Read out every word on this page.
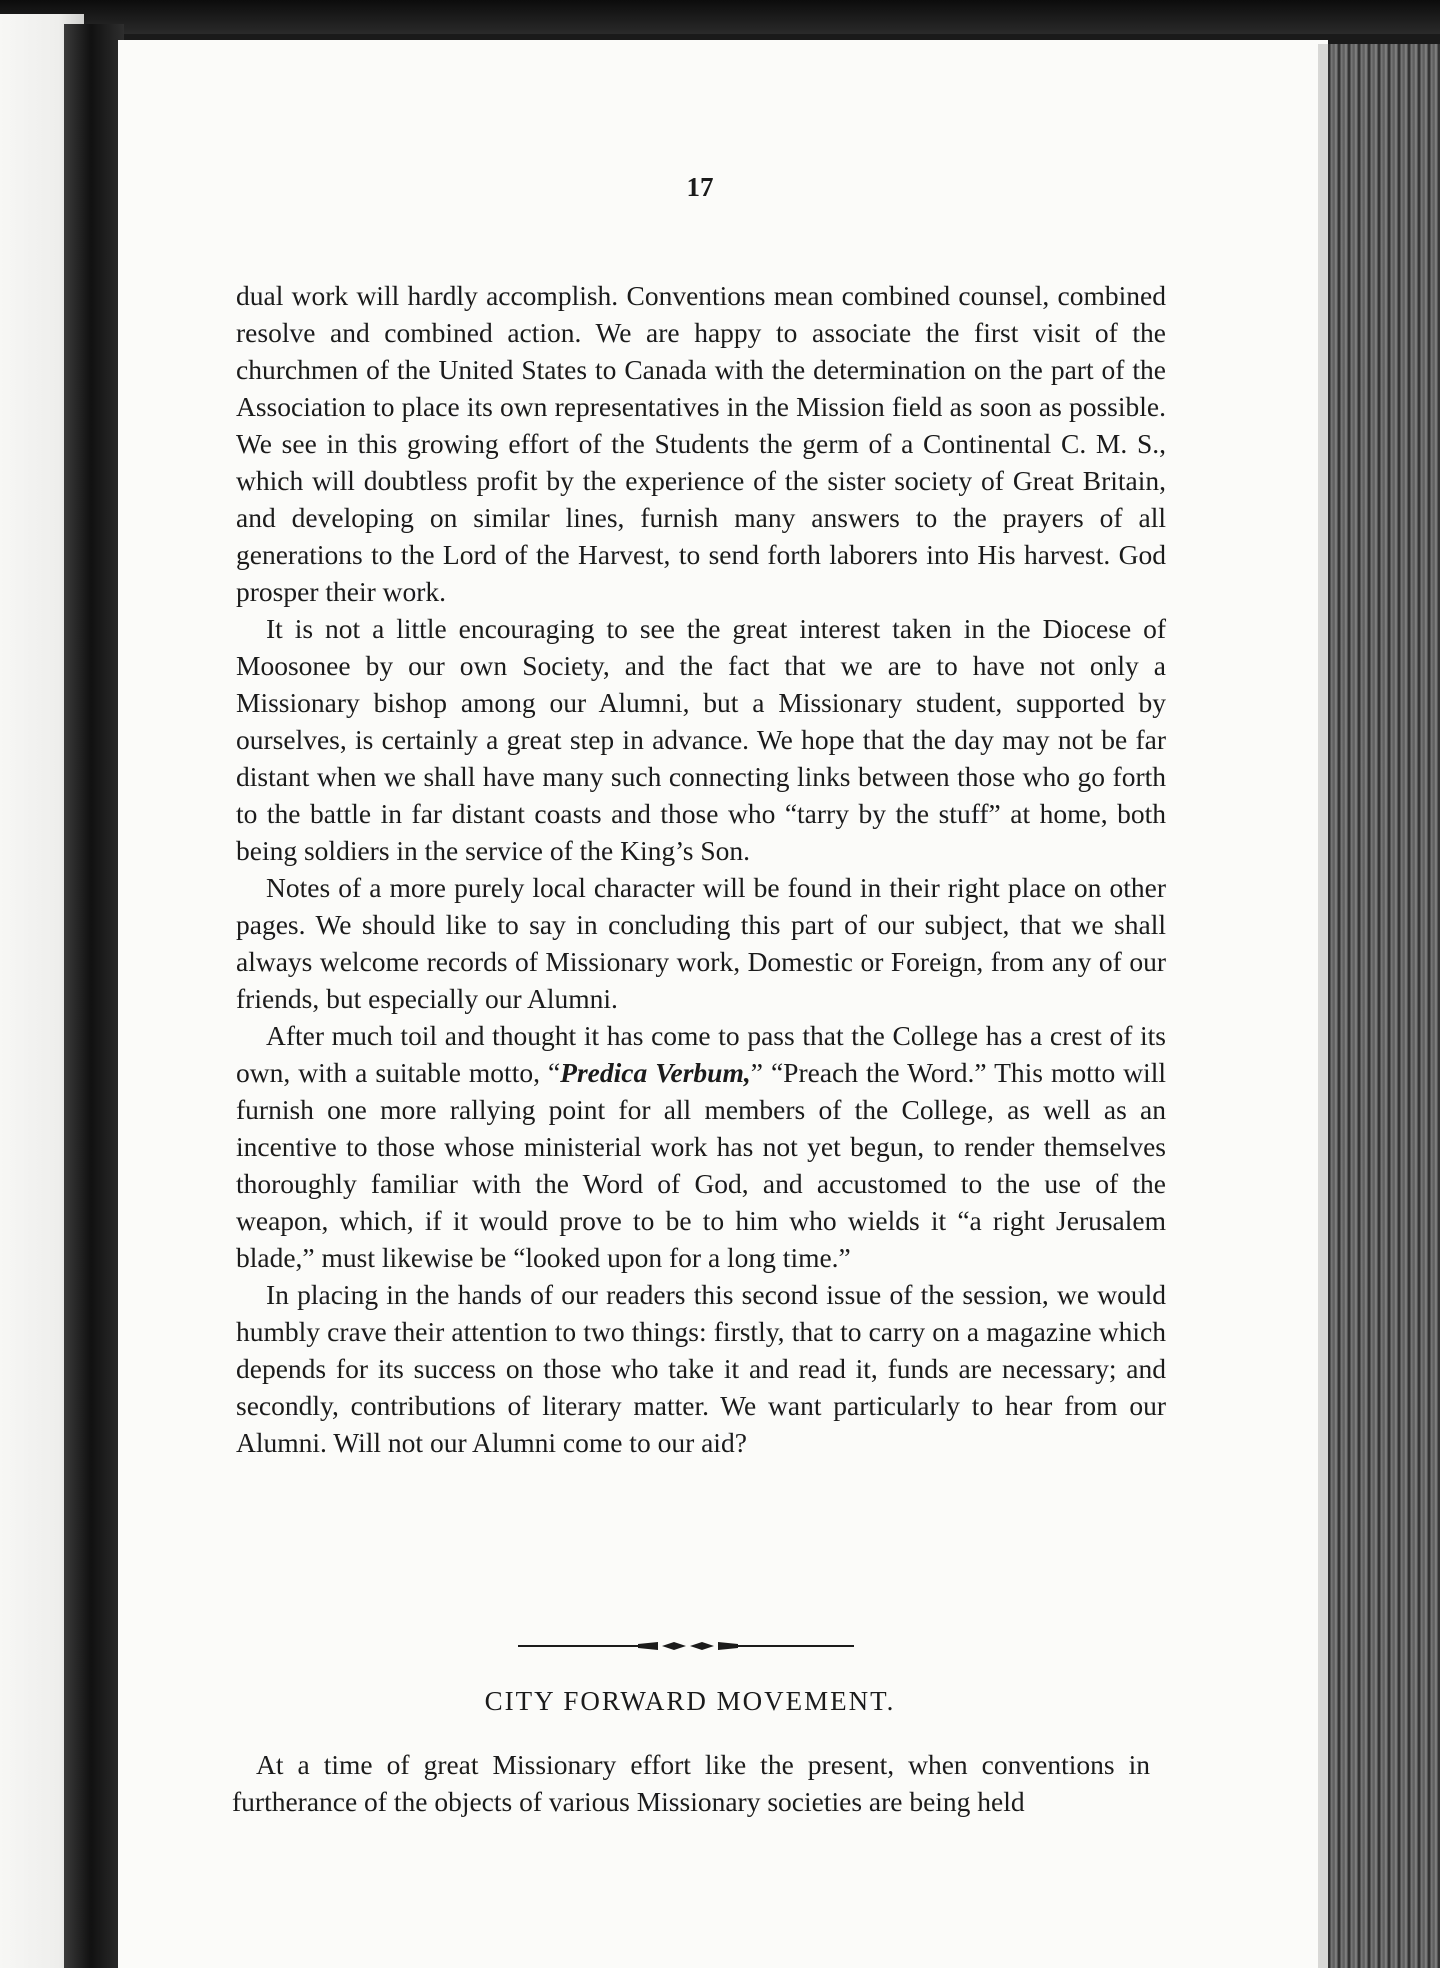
17

dual work will hardly accomplish. Conventions mean combined counsel, combined resolve and combined action. We are happy to associate the first visit of the churchmen of the United States to Canada with the determination on the part of the Association to place its own representatives in the Mission field as soon as possible. We see in this growing effort of the Students the germ of a Continental C. M. S., which will doubtless profit by the experience of the sister society of Great Britain, and developing on similar lines, furnish many answers to the prayers of all generations to the Lord of the Harvest, to send forth laborers into His harvest. God prosper their work.

It is not a little encouraging to see the great interest taken in the Diocese of Moosonee by our own Society, and the fact that we are to have not only a Missionary bishop among our Alumni, but a Missionary student, supported by ourselves, is certainly a great step in advance. We hope that the day may not be far distant when we shall have many such connecting links between those who go forth to the battle in far distant coasts and those who “tarry by the stuff” at home, both being soldiers in the service of the King’s Son.

Notes of a more purely local character will be found in their right place on other pages. We should like to say in concluding this part of our subject, that we shall always welcome records of Missionary work, Domestic or Foreign, from any of our friends, but especially our Alumni.

After much toil and thought it has come to pass that the College has a crest of its own, with a suitable motto, “Predica Verbum,” “Preach the Word.” This motto will furnish one more rallying point for all members of the College, as well as an incentive to those whose ministerial work has not yet begun, to render themselves thoroughly familiar with the Word of God, and accustomed to the use of the weapon, which, if it would prove to be to him who wields it “a right Jerusalem blade,” must likewise be “looked upon for a long time.”

In placing in the hands of our readers this second issue of the session, we would humbly crave their attention to two things: firstly, that to carry on a magazine which depends for its success on those who take it and read it, funds are necessary; and secondly, contributions of literary matter. We want particularly to hear from our Alumni. Will not our Alumni come to our aid?

CITY FORWARD MOVEMENT.

At a time of great Missionary effort like the present, when conventions in furtherance of the objects of various Missionary societies are being held
